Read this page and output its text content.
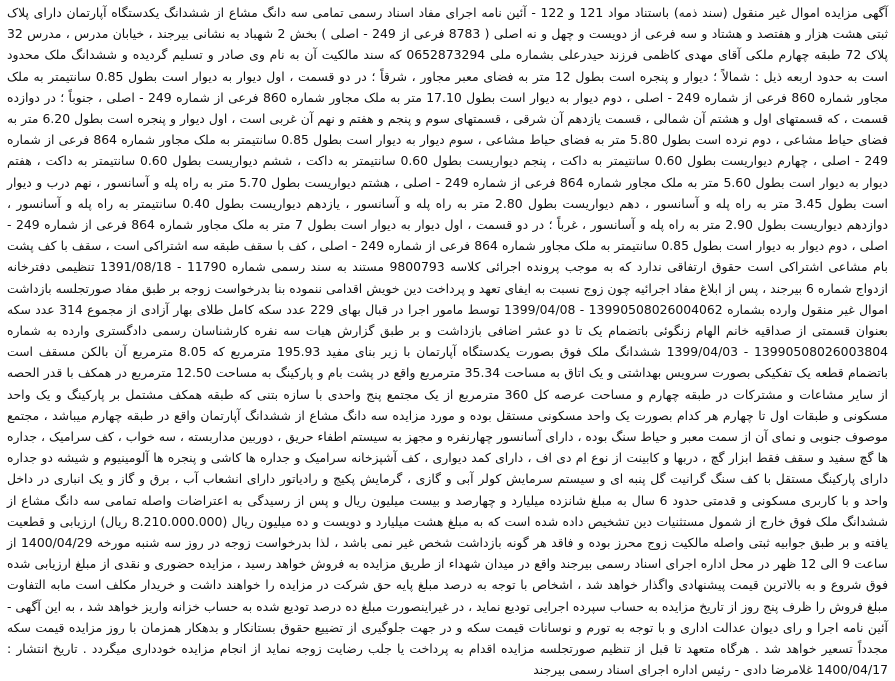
آگهی مزایده اموال غیر منقول (سند ذمه) باستناد مواد 121 و 122 - آئین نامه اجرای مفاد اسناد رسمی تمامی سه دانگ مشاع از ششدانگ یکدستگاه آپارتمان دارای پلاک ثبتی هشت هزار و هفتصد و هشتاد و سه فرعی از دویست و چهل و نه اصلی ( 8783 فرعی از 249 - اصلی ) بخش 2 شهباد به نشانی بیرجند ، خیابان مدرس ، مدرس 32 پلاک 72 طبقه چهارم ملکی آقای مهدی کاظمی فرزند حیدرعلی بشماره ملی 0652873294 که سند مالکیت آن به نام وی صادر و تسلیم گردیده و ششدانگ ملک محدود است به حدود اربعه ذیل : شمالاً ؛ دیوار و پنجره است بطول 12 متر به فضای معبر مجاور ، شرقاً ؛ در دو قسمت ، اول دیوار به دیوار است بطول 0.85 سانتیمتر به ملک مجاور شماره 860 فرعی از شماره 249 - اصلی ، دوم دیوار به دیوار است بطول 17.10 متر به ملک مجاور شماره 860 فرعی از شماره 249 - اصلی ، جنوباً ؛ در دوازده قسمت ، که قسمتهای اول و هشتم آن شمالی ، قسمت یازدهم آن شرقی ، قسمتهای سوم و پنجم و هفتم و نهم آن غربی است ، اول دیوار و پنجره است بطول 6.20 متر به فضای حیاط مشاعی ، دوم نرده است بطول 5.80 متر به فضای حیاط مشاعی ، سوم دیوار به دیوار است بطول 0.85 سانتیمتر به ملک مجاور شماره 864 فرعی از شماره 249 - اصلی ، چهارم دیواریست بطول 0.60 سانتیمتر به داکت ، پنجم دیواریست بطول 0.60 سانتیمتر به داکت ، ششم دیواریست بطول 0.60 سانتیمتر به داکت ، هفتم دیوار به دیوار است بطول 5.60 متر به ملک مجاور شماره 864 فرعی از شماره 249 - اصلی ، هشتم دیواریست بطول 5.70 متر به راه پله و آسانسور ، نهم درب و دیوار است بطول 3.45 متر به راه پله و آسانسور ، دهم دیواریست بطول 2.80 متر به راه پله و آسانسور ، یازدهم دیواریست بطول 0.40 سانتیمتر به راه پله و آسانسور ، دوازدهم دیواریست بطول 2.90 متر به راه پله و آسانسور ، غرباً ؛ در دو قسمت ، اول دیوار به دیوار است بطول 7 متر به ملک مجاور شماره 864 فرعی از شماره 249 - اصلی ، دوم دیوار به دیوار است بطول 0.85 سانتیمتر به ملک مجاور شماره 864 فرعی از شماره 249 - اصلی ، کف با سقف طبقه سه اشتراکی است ، سقف با کف پشت بام مشاعی اشتراکی است حقوق ارتفاقی ندارد که به موجب پرونده اجرائی کلاسه 9800793 مستند به سند رسمی شماره 11790 - 1391/08/18 تنظیمی دفترخانه ازدواج شماره 6 بیرجند ، پس از ابلاغ مفاد اجرائیه چون زوج نسبت به ایفای تعهد و پرداخت دین خویش اقدامی ننموده بنا بدرخواست زوجه بر طبق مفاد صورتجلسه بازداشت اموال غیر منقول وارده بشماره 13990508026004062 - 1399/04/08 توسط مامور اجرا در قبال بهای 229 عدد سکه کامل طلای بهار آزادی از مجموع 314 عدد سکه بعنوان قسمتی از صداقیه خانم الهام زنگوئی باتضمام یک تا دو عشر اضافی بازداشت و بر طبق گزارش هیات سه نفره کارشناسان رسمی دادگستری وارده به شماره 13990508026003804 - 1399/04/03 ششدانگ ملک فوق بصورت یکدستگاه آپارتمان با زیر بنای مفید 195.93 مترمربع که 8.05 مترمربع آن بالکن مسقف است باتضمام قطعه یک تفکیکی بصورت سرویس بهداشتی و یک اتاق به مساحت 35.34 مترمربع واقع در پشت بام و پارکینگ به مساحت 12.50 مترمربع در همکف با قدر الحصه از سایر مشاعات و مشترکات در طبقه چهارم و مساحت عرصه کل 360 مترمربع از یک مجتمع پنج واحدی با سازه بتنی که طبقه همکف مشتمل بر پارکینگ و یک واحد مسکونی و طبقات اول تا چهارم هر کدام بصورت یک واحد مسکونی مستقل بوده و مورد مزایده سه دانگ مشاع از ششدانگ آپارتمان واقع در طبقه چهارم میباشد ، مجتمع موصوف جنوبی و نمای آن از سمت معبر و حیاط سنگ بوده ، دارای آسانسور چهارنفره و مجهز به سیستم اطفاء حریق ، دوربین مداربسته ، سه خواب ، کف سرامیک ، جداره ها گچ سفید و سقف فقط ابزار گچ ، دربها و کابینت از نوع ام دی اف ، دارای کمد دیواری ، کف آشپزخانه سرامیک و جداره ها کاشی و پنجره ها آلومینیوم و شیشه دو جداره دارای پارکینگ مستقل با کف سنگ گرانیت گل پنبه ای و سیستم سرمایش کولر آبی و گازی ، گرمایش پکیج و رادیاتور دارای انشعاب آب ، برق و گاز و یک انباری در داخل واحد و با کاربری مسکونی و قدمتی حدود 6 سال به مبلغ شانزده میلیارد و چهارصد و بیست میلیون ریال و پس از رسیدگی به اعتراضات واصله تمامی سه دانگ مشاع از ششدانگ ملک فوق خارج از شمول مستثنیات دین تشخیص داده شده است که به مبلغ هشت میلیارد و دویست و ده میلیون ریال (8.210.000.000 ریال) ارزیابی و قطعیت یافته و بر طبق جوابیه ثبتی واصله مالکیت زوج محرز بوده و فاقد هر گونه بازداشت شخص غیر نمی باشد ، لذا بدرخواست زوجه در روز سه شنبه مورخه 1400/04/29 از ساعت 9 الی 12 ظهر در محل اداره اجرای اسناد رسمی بیرجند واقع در میدان شهداء از طریق مزایده به فروش خواهد رسید ، مزایده حضوری و نقدی از مبلغ ارزیابی شده فوق شروع و به بالاترین قیمت پیشنهادی واگذار خواهد شد ، اشخاص با توجه به درصد مبلغ پایه حق شرکت در مزایده را خواهند داشت و خریدار مکلف است مابه التفاوت مبلغ فروش را ظرف پنج روز از تاریخ مزایده به حساب سپرده اجرایی تودیع نماید ، در غیراینصورت مبلغ ده درصد تودیع شده به حساب خزانه واریز خواهد شد ، به این آگهی - آئین نامه اجرا و رای دیوان عدالت اداری و با توجه به تورم و نوسانات قیمت سکه و در جهت جلوگیری از تضییع حقوق بستانکار و بدهکار همزمان با روز مزایده قیمت سکه مجدداً تسعیر خواهد شد . هرگاه متعهد تا قبل از تنظیم صورتجلسه مزایده اقدام به پرداخت یا جلب رضایت زوجه نماید از انجام مزایده خودداری میگردد . تاریخ انتشار : 1400/04/17 غلامرضا دادی - رئیس اداره اجرای اسناد رسمی بیرجند
